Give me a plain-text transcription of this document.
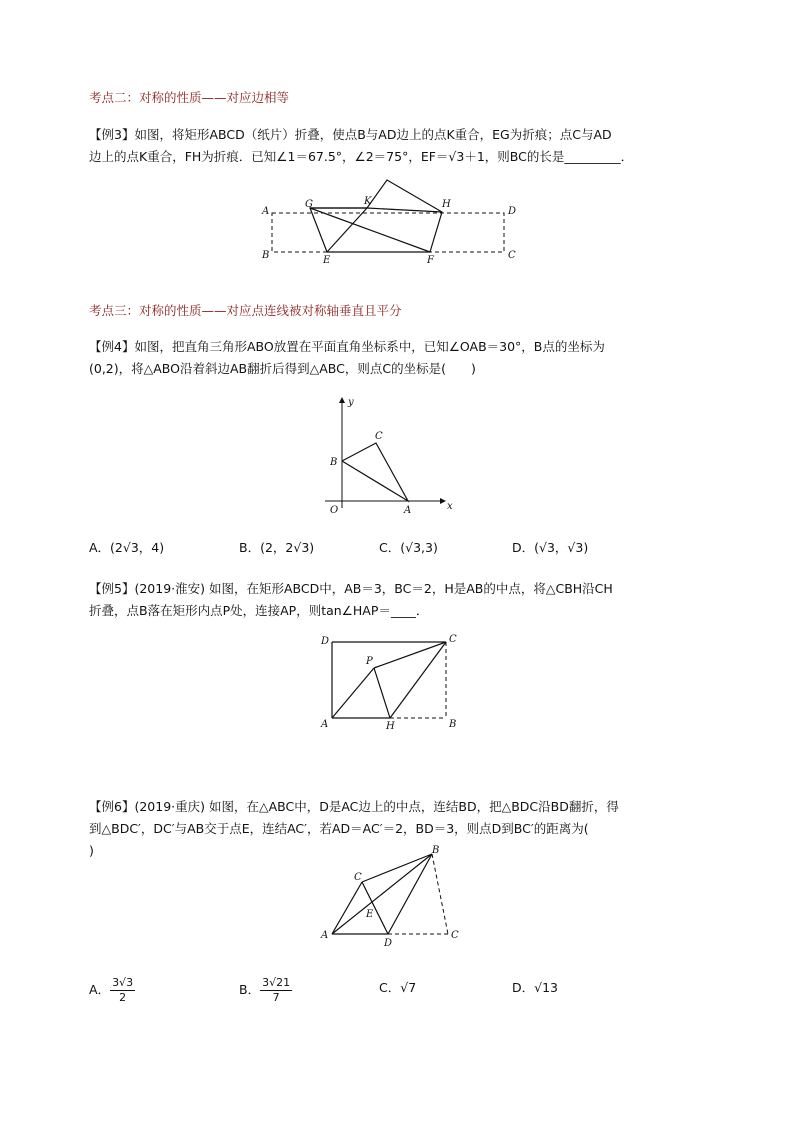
考点二：对称的性质——对应边相等
【例3】如图，将矩形ABCD（纸片）折叠，使点B与AD边上的点K重合，EG为折痕；点C与AD
边上的点K重合，FH为折痕．已知∠1＝67.5°，∠2＝75°，EF＝√3＋1，则BC的长是_________．
A
B
G	K	H
D
C
E	F
考点三：对称的性质——对应点连线被对称轴垂直且平分
【例4】如图，把直角三角形ABO放置在平面直角坐标系中，已知∠OAB＝30°，B点的坐标为
(0,2)，将△ABO沿着斜边AB翻折后得到△ABC，则点C的坐标是(　　)
y
x
O	A
B
C
A．(2√3，4)	B．(2，2√3)	C．(√3,3)	D．(√3，√3)
【例5】(2019·淮安) 如图，在矩形ABCD中，AB＝3，BC＝2，H是AB的中点，将△CBH沿CH
折叠，点B落在矩形内点P处，连接AP，则tan∠HAP＝____．
D	C
A	B
H
P
【例6】(2019·重庆) 如图，在△ABC中，D是AC边上的中点，连结BD，把△BDC沿BD翻折，得
到△BDC′，DC′与AB交于点E，连结AC′，若AD＝AC′＝2，BD＝3，则点D到BC′的距离为(
)	B
C
E
A
D
C
A． $\frac{3√3}{2}$	B． $\frac{3√21}{7}$	C．√7	D．√13
